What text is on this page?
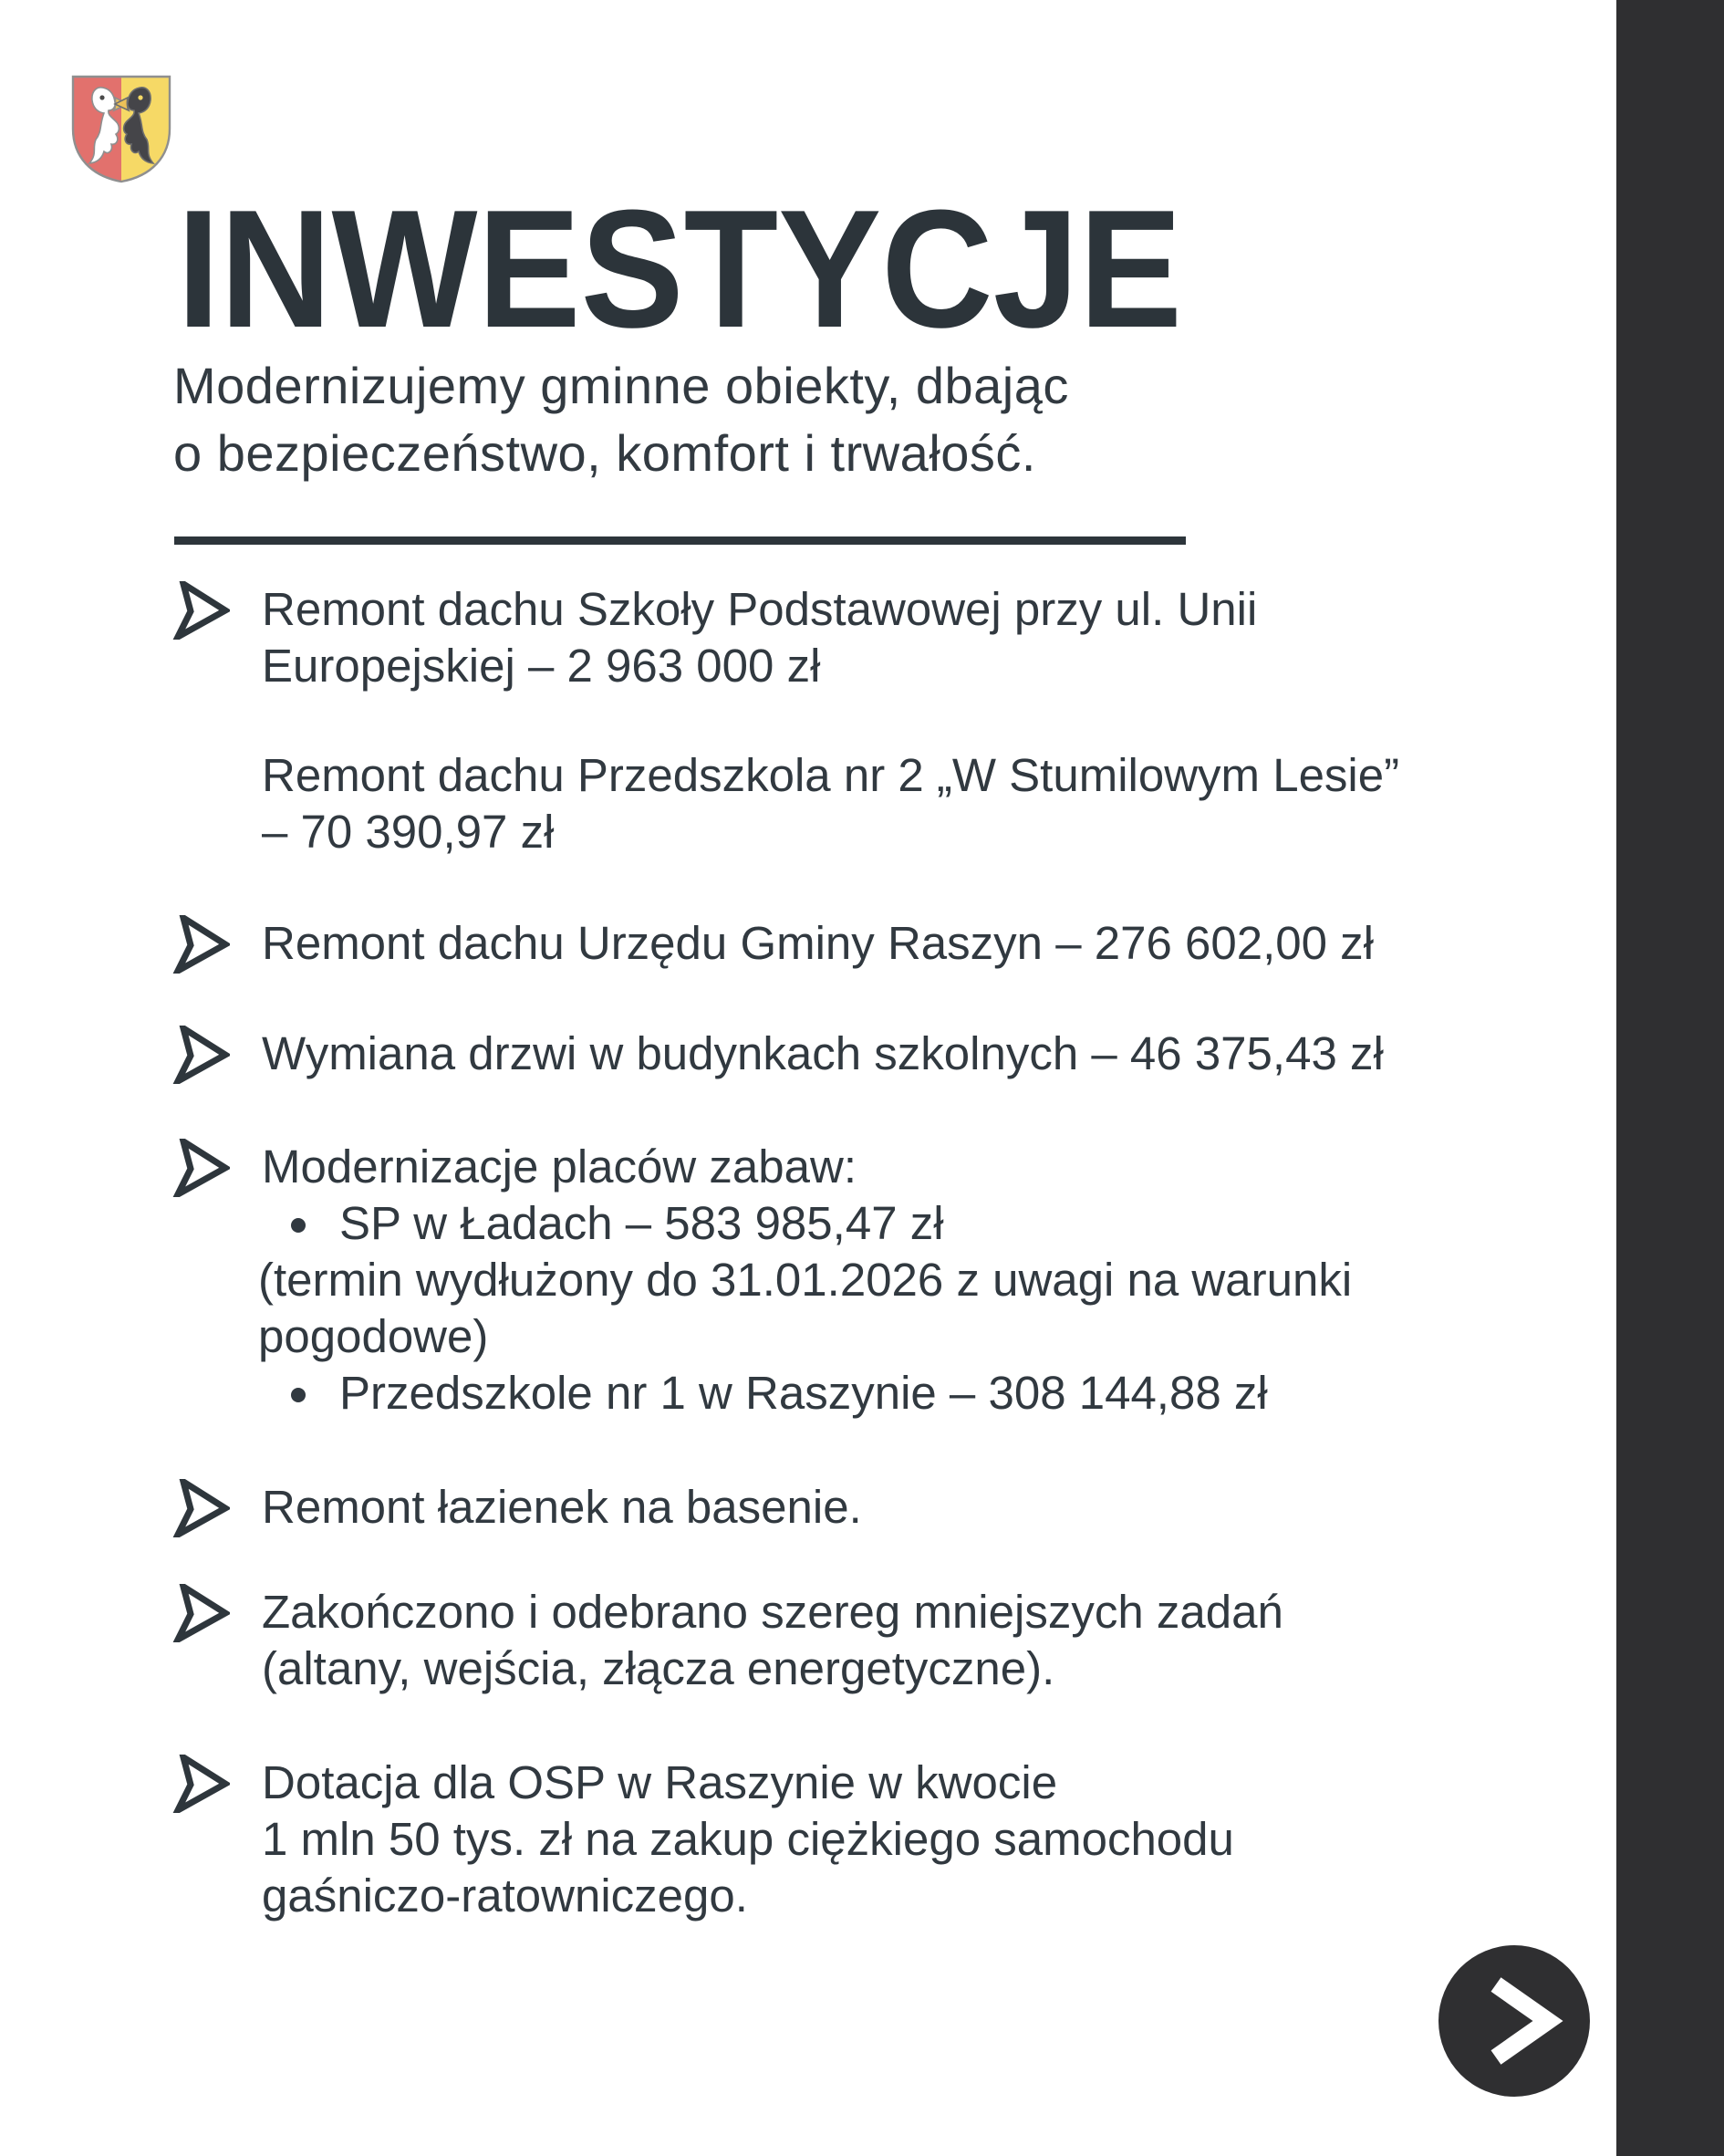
INWESTYCJE
Modernizujemy gminne obiekty, dbając
o bezpieczeństwo, komfort i trwałość.
Remont dachu Szkoły Podstawowej przy ul. Unii
Europejskiej – 2 963 000 zł
Remont dachu Przedszkola nr 2 „W Stumilowym Lesie”
– 70 390,97 zł
Remont dachu Urzędu Gminy Raszyn – 276 602,00 zł
Wymiana drzwi w budynkach szkolnych – 46 375,43 zł
Modernizacje placów zabaw:
SP w Ładach – 583 985,47 zł
(termin wydłużony do 31.01.2026 z uwagi na warunki
pogodowe)
Przedszkole nr 1 w Raszynie – 308 144,88 zł
Remont łazienek na basenie.
Zakończono i odebrano szereg mniejszych zadań
(altany, wejścia, złącza energetyczne).
Dotacja dla OSP w Raszynie w kwocie
1 mln 50 tys. zł na zakup ciężkiego samochodu
gaśniczo-ratowniczego.
